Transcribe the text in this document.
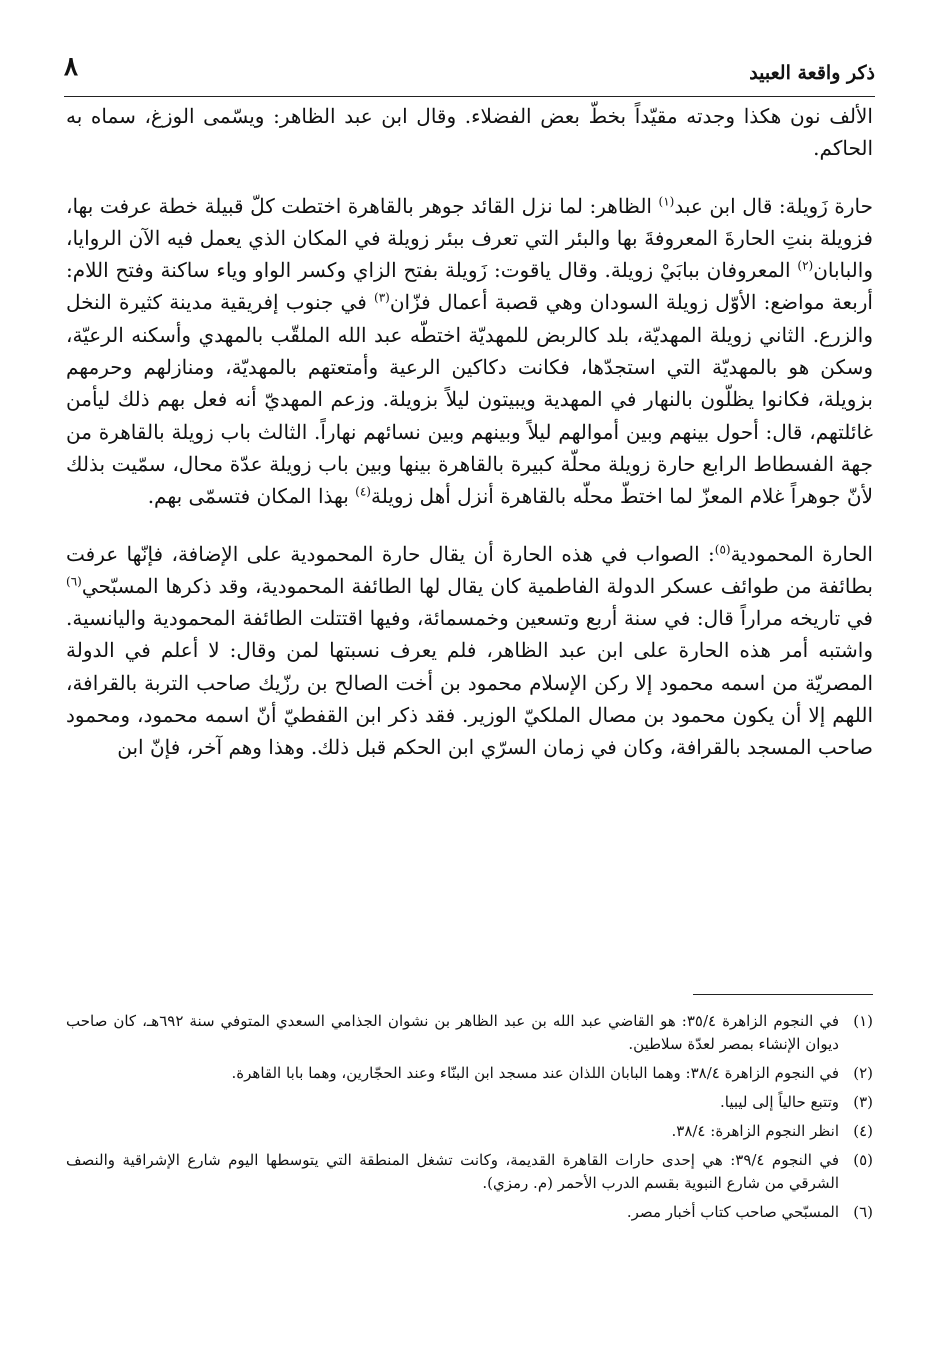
٨	ذكر واقعة العبيد

الألف نون هكذا وجدته مقيّداً بخطّ بعض الفضلاء. وقال ابن عبد الظاهر: ويسّمى الوزغ، سماه به الحاكم.

حارة زَويلة: قال ابن عبد$^{(١)}$ الظاهر: لما نزل القائد جوهر بالقاهرة اختطت كلّ قبيلة خطة عرفت بها، فزويلة بنتِ الحارةَ المعروفةَ بها والبئر التي تعرف ببئر زويلة في المكان الذي يعمل فيه الآن الروايا، والبابان$^{(٢)}$ المعروفان ببابَيْ زويلة. وقال ياقوت: زَويلة بفتح الزاي وكسر الواو وياء ساكنة وفتح اللام: أربعة مواضع: الأوّل زويلة السودان وهي قصبة أعمال فزّان$^{(٣)}$ في جنوب إفريقية مدينة كثيرة النخل والزرع. الثاني زويلة المهديّة، بلد كالربض للمهديّة اختطّه عبد الله الملقّب بالمهدي وأسكنه الرعيّة، وسكن هو بالمهديّة التي استجدّها، فكانت دكاكين الرعية وأمتعتهم بالمهديّة، ومنازلهم وحرمهم بزويلة، فكانوا يظلّون بالنهار في المهدية ويبيتون ليلاً بزويلة. وزعم المهديّ أنه فعل بهم ذلك ليأمن غائلتهم، قال: أحول بينهم وبين أموالهم ليلاً وبينهم وبين نسائهم نهاراً. الثالث باب زويلة بالقاهرة من جهة الفسطاط الرابع حارة زويلة محلّة كبيرة بالقاهرة بينها وبين باب زويلة عدّة محال، سمّيت بذلك لأنّ جوهراً غلام المعزّ لما اختطّ محلّه بالقاهرة أنزل أهل زويلة$^{(٤)}$ بهذا المكان فتسمّى بهم.

الحارة المحمودية$^{(٥)}$: الصواب في هذه الحارة أن يقال حارة المحمودية على الإضافة، فإنّها عرفت بطائفة من طوائف عسكر الدولة الفاطمية كان يقال لها الطائفة المحمودية، وقد ذكرها المسبّحي$^{(٦)}$ في تاريخه مراراً قال: في سنة أربع وتسعين وخمسمائة، وفيها اقتتلت الطائفة المحمودية واليانسية. واشتبه أمر هذه الحارة على ابن عبد الظاهر، فلم يعرف نسبتها لمن وقال: لا أعلم في الدولة المصريّة من اسمه محمود إلا ركن الإسلام محمود بن أخت الصالح بن رزّيك صاحب التربة بالقرافة، اللهم إلا أن يكون محمود بن مصال الملكيّ الوزير. فقد ذكر ابن القفطيّ أنّ اسمه محمود، ومحمود صاحب المسجد بالقرافة، وكان في زمان السرّي ابن الحكم قبل ذلك. وهذا وهم آخر، فإنّ ابن

(١)
في النجوم الزاهرة ٣٥/٤: هو القاضي عبد الله بن عبد الظاهر بن نشوان الجذامي السعدي المتوفي سنة ٦٩٢هـ، كان صاحب ديوان الإنشاء بمصر لعدّة سلاطين.
(٢)
في النجوم الزاهرة ٣٨/٤: وهما البابان اللذان عند مسجد ابن البنّاء وعند الحجّارين، وهما بابا القاهرة.
(٣)
وتتبع حالياً إلى ليبيا.
(٤)
انظر النجوم الزاهرة: ٣٨/٤.
(٥)
في النجوم ٣٩/٤: هي إحدى حارات القاهرة القديمة، وكانت تشغل المنطقة التي يتوسطها اليوم شارع الإشراقية والنصف الشرقي من شارع النبوية بقسم الدرب الأحمر (م. رمزي).
(٦)
المسبّحي صاحب كتاب أخبار مصر.
